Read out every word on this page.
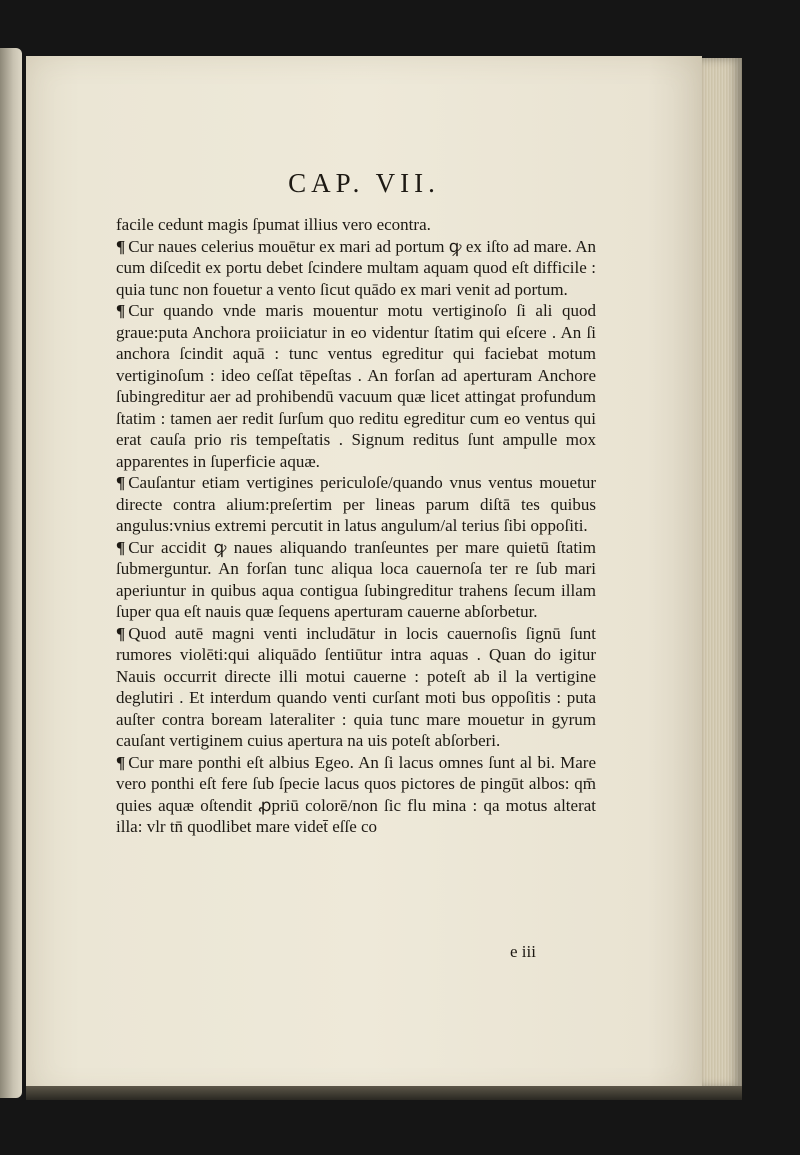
CAP. VII.

facile cedunt magis ſpumat illius vero econtra.

¶ Cur naues celerius mouētur ex mari ad portum ꝙ ex iſto ad mare. An cum diſcedit ex portu debet ſcindere multam aquam quod eſt difficile : quia tunc non fouetur a vento ſicut quādo ex mari venit ad portum.

¶ Cur quando vnde maris mouentur motu vertiginoſo ſi ali quod graue:puta Anchora proiiciatur in eo videntur ſtatim qui eſcere . An ſi anchora ſcindit aquā : tunc ventus egreditur qui faciebat motum vertiginoſum : ideo ceſſat tēpeſtas . An forſan ad aperturam Anchore ſubingreditur aer ad prohibendū vacuum quæ licet attingat profundum ſtatim : tamen aer redit ſurſum quo reditu egreditur cum eo ventus qui erat cauſa prio ris tempeſtatis . Signum reditus ſunt ampulle mox apparentes in ſuperficie aquæ.

¶ Cauſantur etiam vertigines periculoſe/quando vnus ventus mouetur directe contra alium:preſertim per lineas parum diſtā tes quibus angulus:vnius extremi percutit in latus angulum/al terius ſibi oppoſiti.

¶ Cur accidit ꝙ naues aliquando tranſeuntes per mare quietū ſtatim ſubmerguntur. An forſan tunc aliqua loca cauernoſa ter re ſub mari aperiuntur in quibus aqua contigua ſubingreditur trahens ſecum illam ſuper qua eſt nauis quæ ſequens aperturam cauerne abſorbetur.

¶ Quod autē magni venti includātur in locis cauernoſis ſignū ſunt rumores violēti:qui aliquādo ſentiūtur intra aquas . Quan do igitur Nauis occurrit directe illi motui cauerne : poteſt ab il la vertigine deglutiri . Et interdum quando venti curſant moti bus oppoſitis : puta auſter contra boream lateraliter : quia tunc mare mouetur in gyrum cauſant vertiginem cuius apertura na uis poteſt abſorberi.

¶ Cur mare ponthi eſt albius Egeo. An ſi lacus omnes ſunt al bi. Mare vero ponthi eſt fere ſub ſpecie lacus quos pictores de pingūt albos: qm̄ quies aquæ oſtendit ꝓpriū colorē/non ſic flu mina : qa motus alterat illa: vlr tn̄ quodlibet mare videt̄ eſſe co

e iii
